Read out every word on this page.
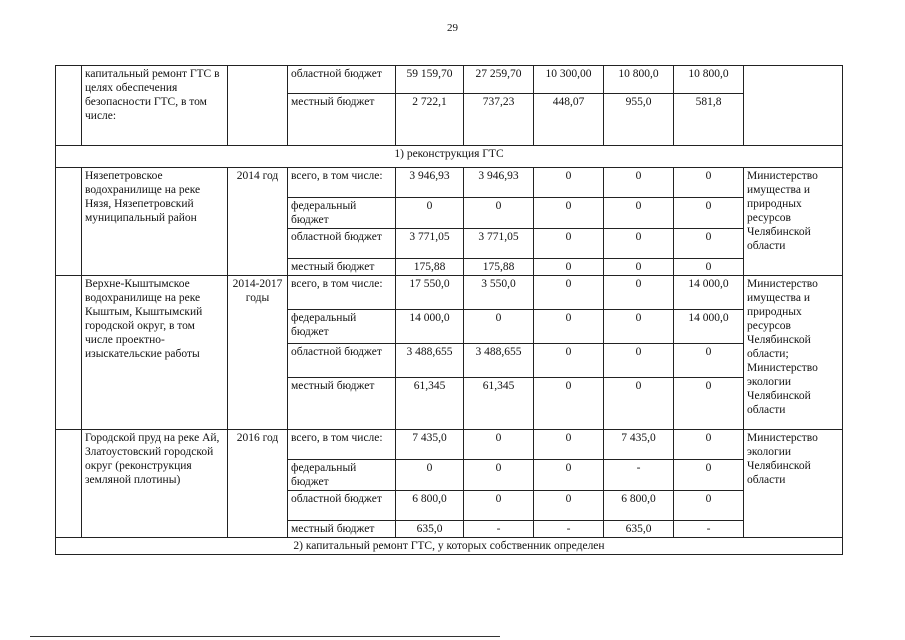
29
	капитальный ремонт ГТС в целях обеспечения безопасности ГТС, в том числе:		областной бюджет	59 159,70	27 259,70	10 300,00	10 800,0	10 800,0	
			местный бюджет	2 722,1	737,23	448,07	955,0	581,8	
1) реконструкция ГТС									
	Нязепетровское водохранилище на реке Нязя, Нязепетровский муниципальный район	2014 год	всего, в том числе:	3 946,93	3 946,93	0	0	0	Министерство имущества и природных ресурсов Челябинской области
			федеральный бюджет	0	0	0	0	0	
			областной бюджет	3 771,05	3 771,05	0	0	0	
			местный бюджет	175,88	175,88	0	0	0	
	Верхне-Кыштымское водохранилище на реке Кыштым, Кыштымский городской округ, в том числе проектно-изыскательские работы	2014-2017 годы	всего, в том числе:	17 550,0	3 550,0	0	0	14 000,0	Министерство имущества и природных ресурсов Челябинской области; Министерство экологии Челябинской области
			федеральный бюджет	14 000,0	0	0	0	14 000,0	
			областной бюджет	3 488,655	3 488,655	0	0	0	
			местный бюджет	61,345	61,345	0	0	0	
	Городской пруд на реке Ай, Златоустовский городской округ (реконструкция земляной плотины)	2016 год	всего, в том числе:	7 435,0	0	0	7 435,0	0	Министерство экологии Челябинской области
			федеральный бюджет	0	0	0	-	0	
			областной бюджет	6 800,0	0	0	6 800,0	0	
			местный бюджет	635,0	-	-	635,0	-	
2) капитальный ремонт ГТС, у которых собственник определен									
